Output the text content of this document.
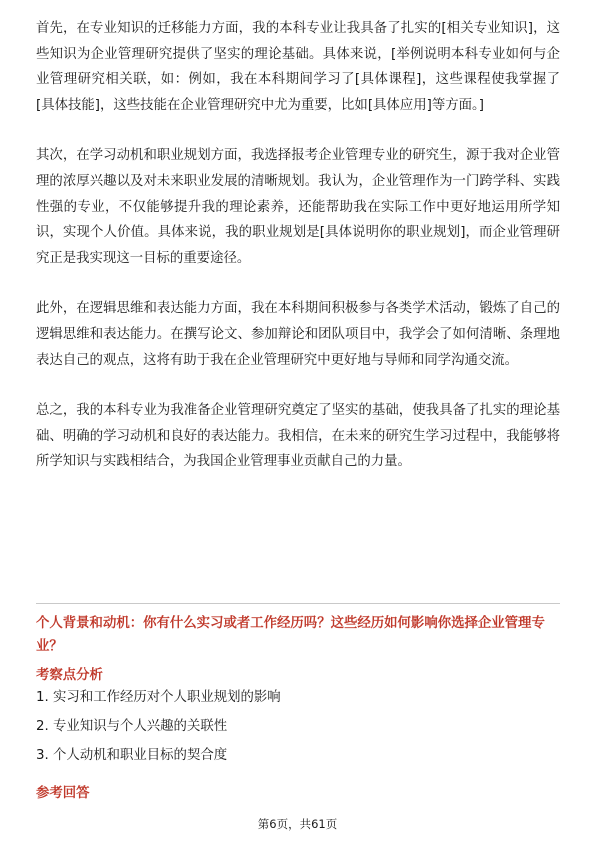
首先，在专业知识的迁移能力方面，我的本科专业让我具备了扎实的[相关专业知识]，这些知识为企业管理研究提供了坚实的理论基础。具体来说，[举例说明本科专业如何与企业管理研究相关联，如：例如，我在本科期间学习了[具体课程]，这些课程使我掌握了[具体技能]，这些技能在企业管理研究中尤为重要，比如[具体应用]等方面。]

其次，在学习动机和职业规划方面，我选择报考企业管理专业的研究生，源于我对企业管理的浓厚兴趣以及对未来职业发展的清晰规划。我认为，企业管理作为一门跨学科、实践性强的专业，不仅能够提升我的理论素养，还能帮助我在实际工作中更好地运用所学知识，实现个人价值。具体来说，我的职业规划是[具体说明你的职业规划]，而企业管理研究正是我实现这一目标的重要途径。

此外，在逻辑思维和表达能力方面，我在本科期间积极参与各类学术活动，锻炼了自己的逻辑思维和表达能力。在撰写论文、参加辩论和团队项目中，我学会了如何清晰、条理地表达自己的观点，这将有助于我在企业管理研究中更好地与导师和同学沟通交流。

总之，我的本科专业为我准备企业管理研究奠定了坚实的基础，使我具备了扎实的理论基础、明确的学习动机和良好的表达能力。我相信，在未来的研究生学习过程中，我能够将所学知识与实践相结合，为我国企业管理事业贡献自己的力量。

个人背景和动机：你有什么实习或者工作经历吗？这些经历如何影响你选择企业管理专业？

考察点分析

1. 实习和工作经历对个人职业规划的影响
2. 专业知识与个人兴趣的关联性
3. 个人动机和职业目标的契合度

参考回答

第6页，共61页
